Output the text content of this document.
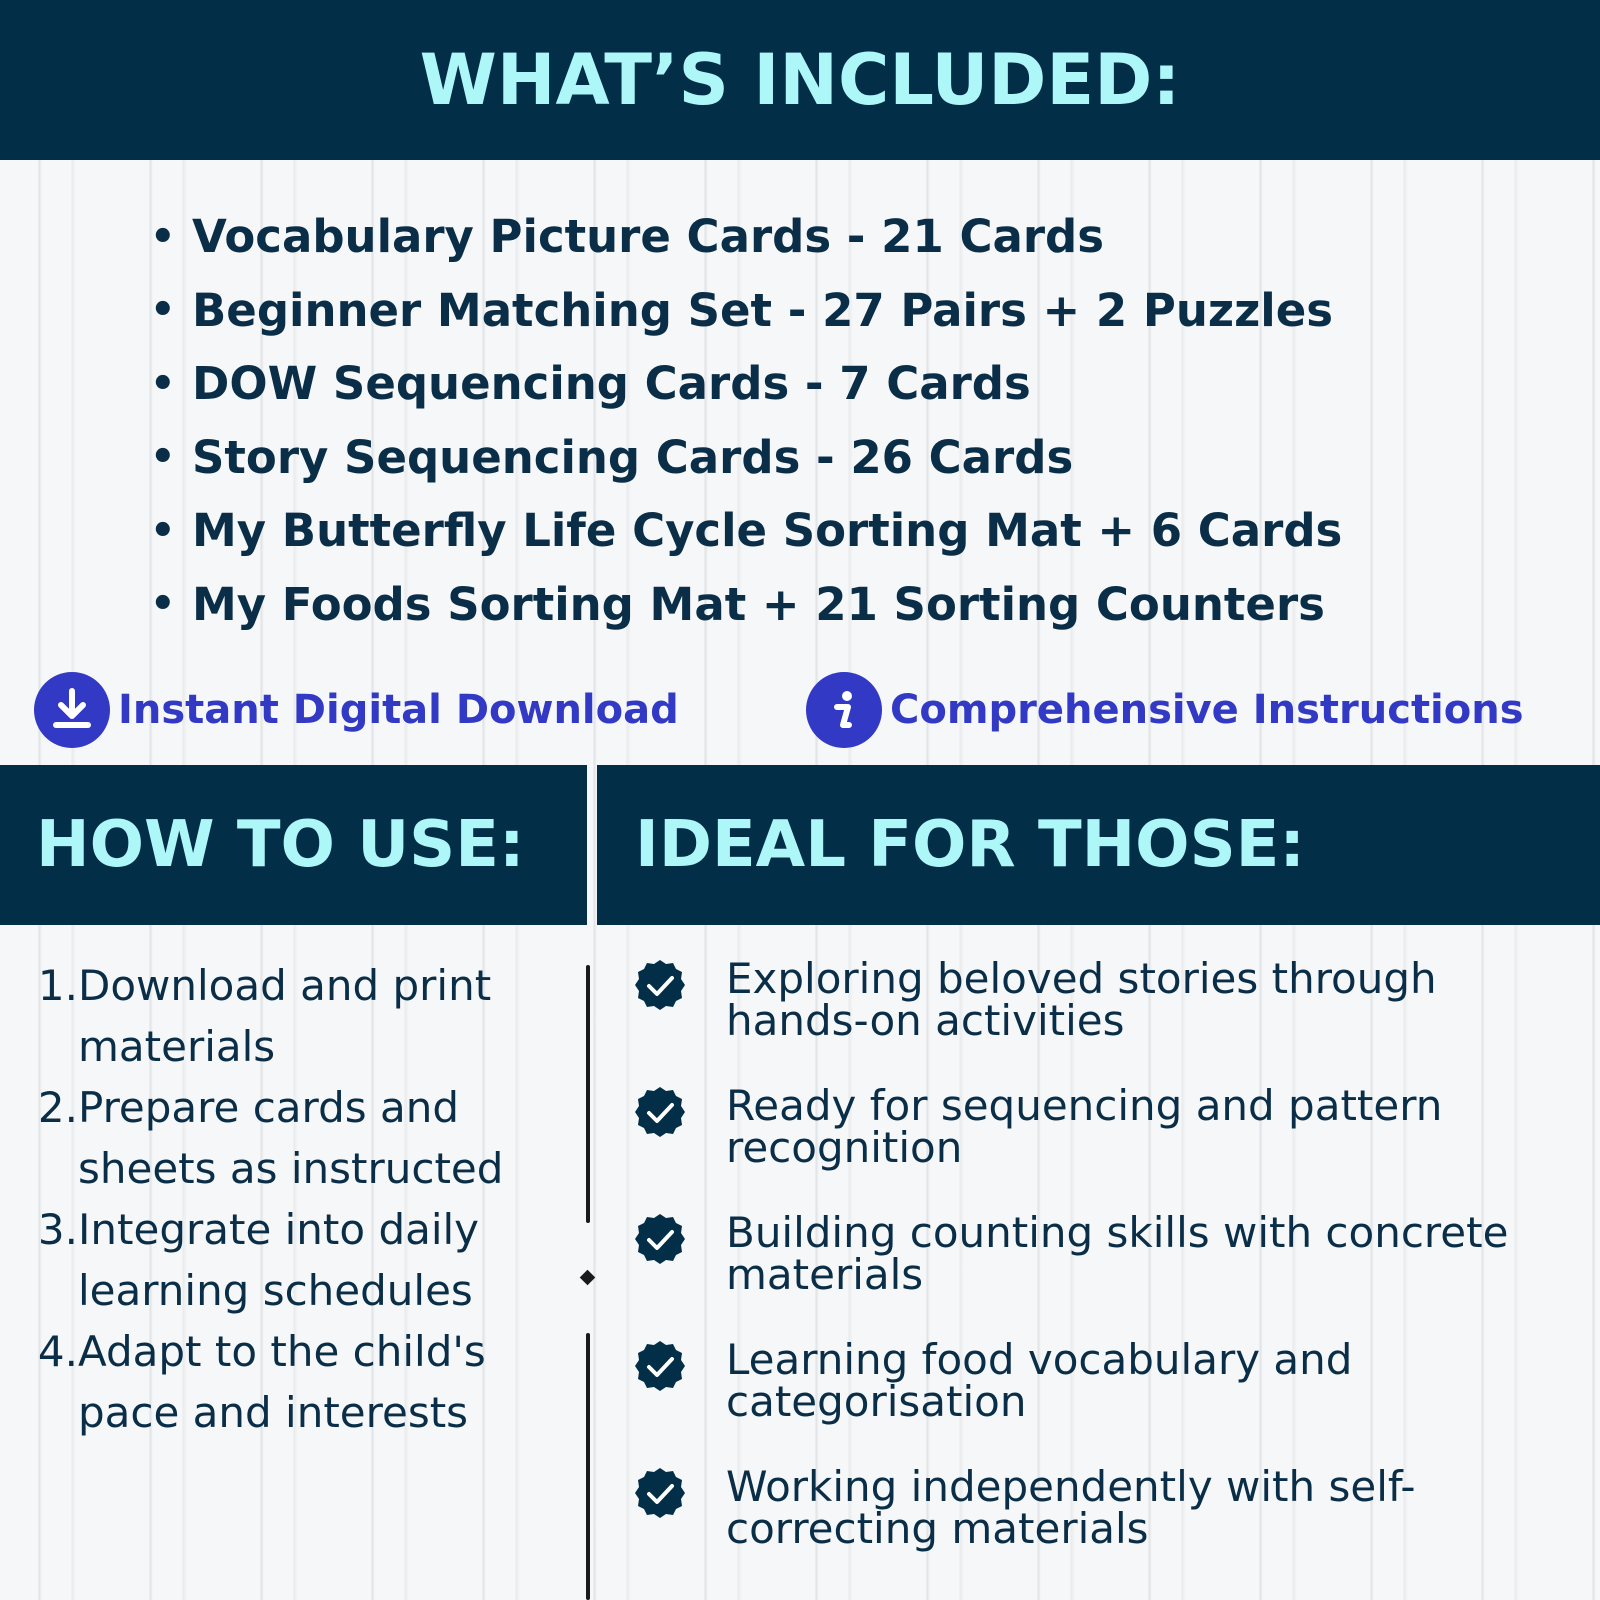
WHAT’S INCLUDED:
• Vocabulary Picture Cards - 21 Cards
• Beginner Matching Set - 27 Pairs + 2 Puzzles
• DOW Sequencing Cards - 7 Cards
• Story Sequencing Cards - 26 Cards
• My Butterfly Life Cycle Sorting Mat + 6 Cards
• My Foods Sorting Mat + 21 Sorting Counters
Instant Digital Download	Comprehensive Instructions
HOW TO USE:	IDEAL FOR THOSE:
1. Download and print materials
2. Prepare cards and sheets as instructed
3. Integrate into daily learning schedules
4. Adapt to the child's pace and interests
Exploring beloved stories through hands-on activities
Ready for sequencing and pattern recognition
Building counting skills with concrete materials
Learning food vocabulary and categorisation
Working independently with self-correcting materials
